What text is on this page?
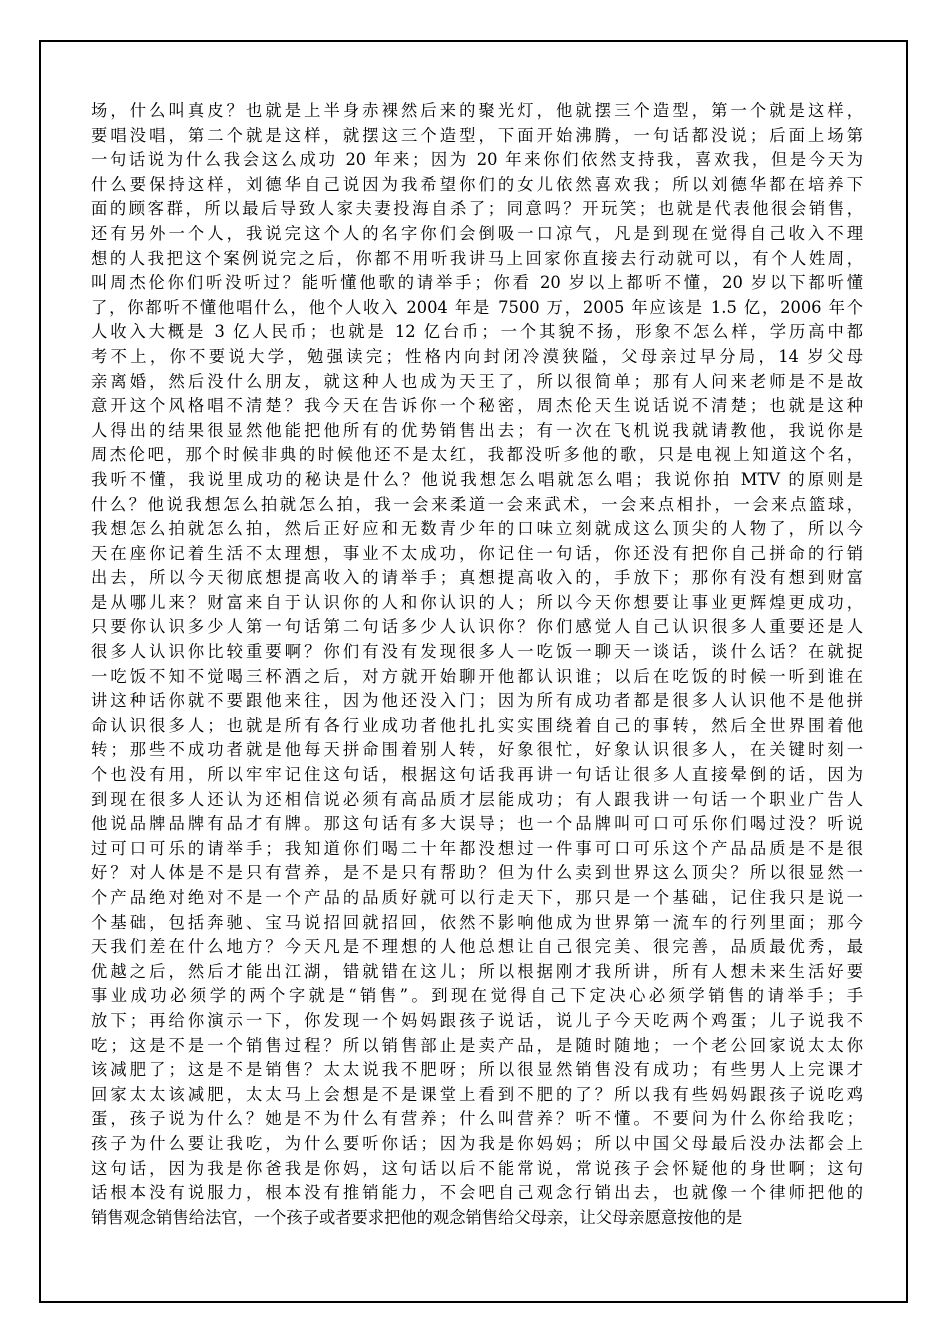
场，什么叫真皮？也就是上半身赤裸然后来的聚光灯，他就摆三个造型，第一个就是这样，
要唱没唱，第二个就是这样，就摆这三个造型，下面开始沸腾，一句话都没说；后面上场第
一句话说为什么我会这么成功 20 年来；因为 20 年来你们依然支持我，喜欢我，但是今天为
什么要保持这样，刘德华自己说因为我希望你们的女儿依然喜欢我；所以刘德华都在培养下
面的顾客群，所以最后导致人家夫妻投海自杀了；同意吗？开玩笑；也就是代表他很会销售，
还有另外一个人，我说完这个人的名字你们会倒吸一口凉气，凡是到现在觉得自己收入不理
想的人我把这个案例说完之后，你都不用听我讲马上回家你直接去行动就可以，有个人姓周，
叫周杰伦你们听没听过？能听懂他歌的请举手；你看 20 岁以上都听不懂，20 岁以下都听懂
了，你都听不懂他唱什么，他个人收入 2004 年是 7500 万，2005 年应该是 1.5 亿，2006 年个
人收入大概是 3 亿人民币；也就是 12 亿台币；一个其貌不扬，形象不怎么样，学历高中都
考不上，你不要说大学，勉强读完；性格内向封闭冷漠狭隘，父母亲过早分局，14 岁父母
亲离婚，然后没什么朋友，就这种人也成为天王了，所以很简单；那有人问来老师是不是故
意开这个风格唱不清楚？我今天在告诉你一个秘密，周杰伦天生说话说不清楚；也就是这种
人得出的结果很显然他能把他所有的优势销售出去；有一次在飞机说我就请教他，我说你是
周杰伦吧，那个时候非典的时候他还不是太红，我都没听多他的歌，只是电视上知道这个名，
我听不懂，我说里成功的秘诀是什么？他说我想怎么唱就怎么唱；我说你拍 MTV 的原则是
什么？他说我想怎么拍就怎么拍，我一会来柔道一会来武术，一会来点相扑，一会来点篮球，
我想怎么拍就怎么拍，然后正好应和无数青少年的口味立刻就成这么顶尖的人物了，所以今
天在座你记着生活不太理想，事业不太成功，你记住一句话，你还没有把你自己拼命的行销
出去，所以今天彻底想提高收入的请举手；真想提高收入的，手放下；那你有没有想到财富
是从哪儿来？财富来自于认识你的人和你认识的人；所以今天你想要让事业更辉煌更成功，
只要你认识多少人第一句话第二句话多少人认识你？你们感觉人自己认识很多人重要还是人
很多人认识你比较重要啊？你们有没有发现很多人一吃饭一聊天一谈话，谈什么话？在就捉
一吃饭不知不觉喝三杯酒之后，对方就开始聊开他都认识谁；以后在吃饭的时候一听到谁在
讲这种话你就不要跟他来往，因为他还没入门；因为所有成功者都是很多人认识他不是他拼
命认识很多人；也就是所有各行业成功者他扎扎实实围绕着自己的事转，然后全世界围着他
转；那些不成功者就是他每天拼命围着别人转，好象很忙，好象认识很多人，在关键时刻一
个也没有用，所以牢牢记住这句话，根据这句话我再讲一句话让很多人直接晕倒的话，因为
到现在很多人还认为还相信说必须有高品质才层能成功；有人跟我讲一句话一个职业广告人
他说品牌品牌有品才有牌。那这句话有多大误导；也一个品牌叫可口可乐你们喝过没？听说
过可口可乐的请举手；我知道你们喝二十年都没想过一件事可口可乐这个产品品质是不是很
好？对人体是不是只有营养，是不是只有帮助？但为什么卖到世界这么顶尖？所以很显然一
个产品绝对绝对不是一个产品的品质好就可以行走天下，那只是一个基础，记住我只是说一
个基础，包括奔驰、宝马说招回就招回，依然不影响他成为世界第一流车的行列里面；那今
天我们差在什么地方？今天凡是不理想的人他总想让自己很完美、很完善，品质最优秀，最
优越之后，然后才能出江湖，错就错在这儿；所以根据刚才我所讲，所有人想未来生活好要
事业成功必须学的两个字就是“销售”。到现在觉得自己下定决心必须学销售的请举手；手
放下；再给你演示一下，你发现一个妈妈跟孩子说话，说儿子今天吃两个鸡蛋；儿子说我不
吃；这是不是一个销售过程？所以销售部止是卖产品，是随时随地；一个老公回家说太太你
该减肥了；这是不是销售？太太说我不肥呀；所以很显然销售没有成功；有些男人上完课才
回家太太该减肥，太太马上会想是不是课堂上看到不肥的了？所以我有些妈妈跟孩子说吃鸡
蛋，孩子说为什么？她是不为什么有营养；什么叫营养？听不懂。不要问为什么你给我吃；
孩子为什么要让我吃，为什么要听你话；因为我是你妈妈；所以中国父母最后没办法都会上
这句话，因为我是你爸我是你妈，这句话以后不能常说，常说孩子会怀疑他的身世啊；这句
话根本没有说服力，根本没有推销能力，不会吧自己观念行销出去，也就像一个律师把他的
销售观念销售给法官，一个孩子或者要求把他的观念销售给父母亲，让父母亲愿意按他的是
